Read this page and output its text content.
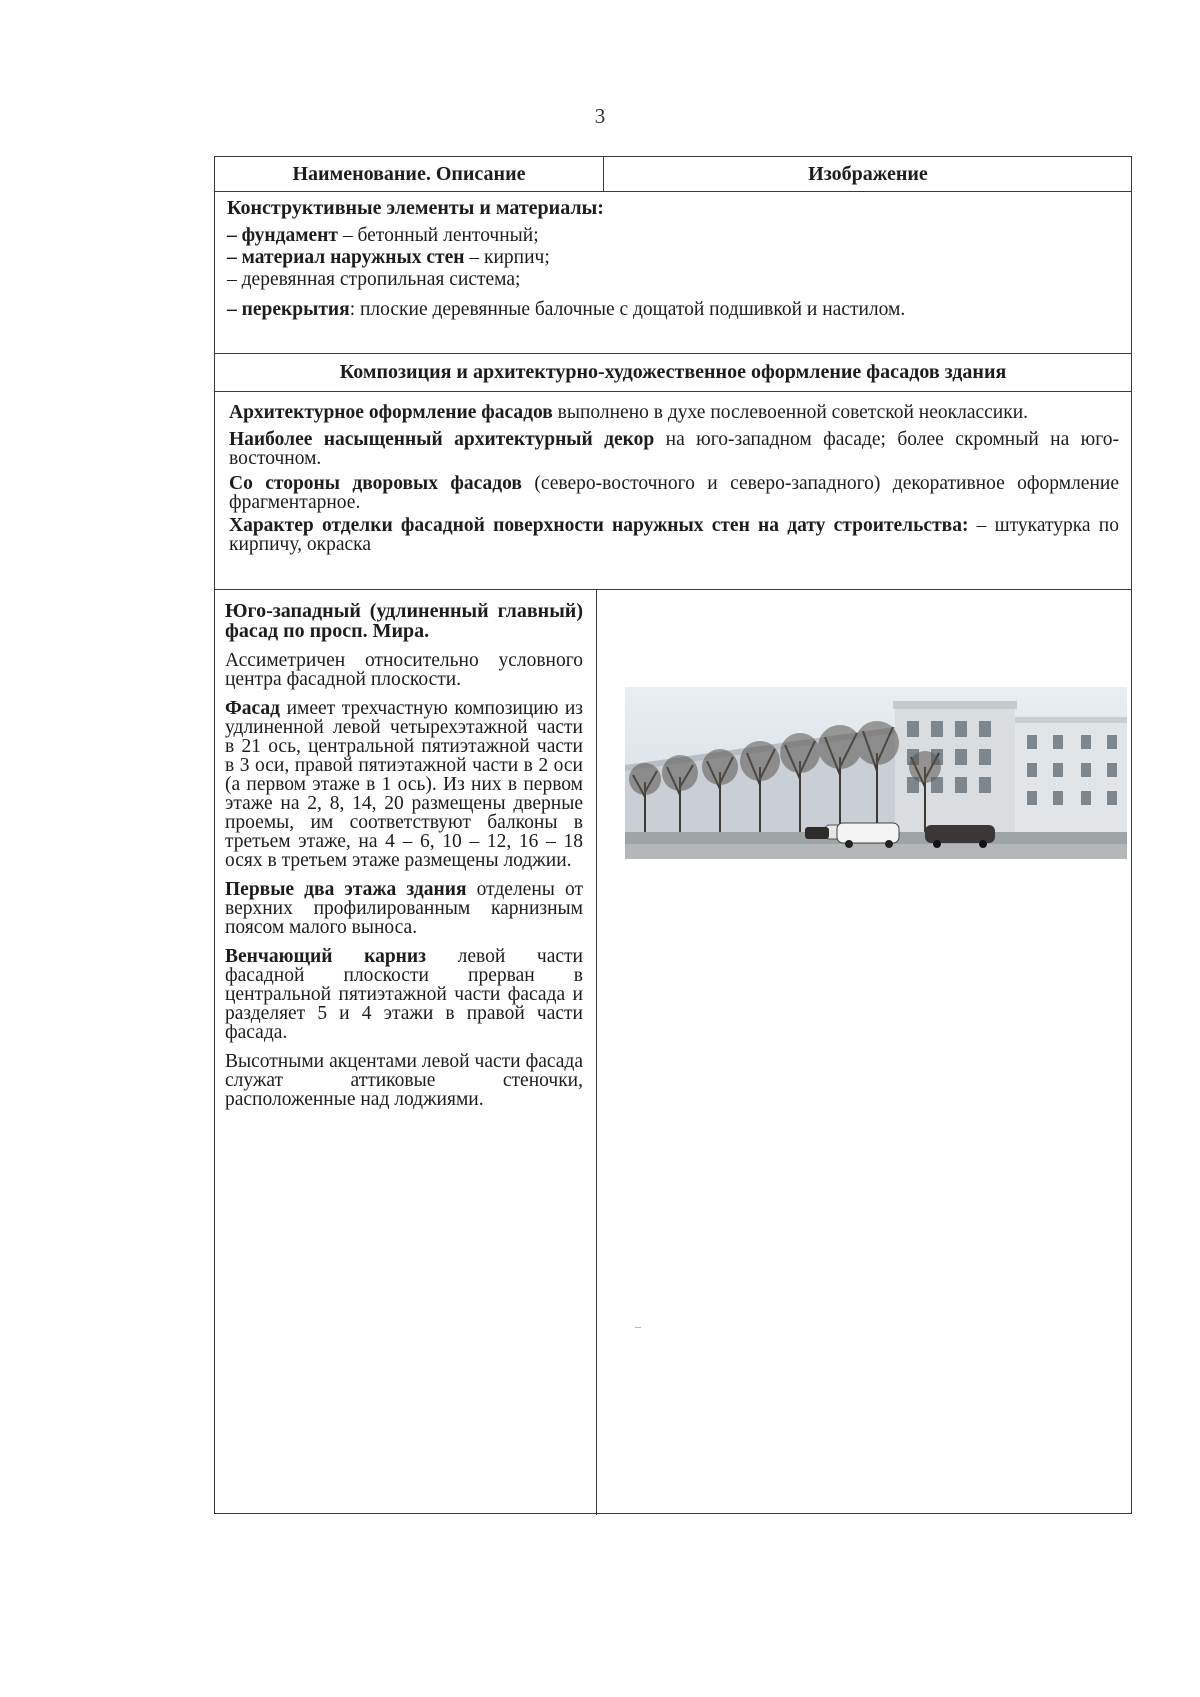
3
Наименование. Описание	Изображение

Конструктивные элементы и материалы:

– фундамент – бетонный ленточный;

– материал наружных стен – кирпич;

– деревянная стропильная система;

– перекрытия: плоские деревянные балочные с дощатой подшивкой и настилом.

Композиция и архитектурно-художественное оформление фасадов здания

Архитектурное оформление фасадов выполнено в духе послевоенной советской неоклассики.

Наиболее насыщенный архитектурный декор на юго-западном фасаде; более скромный на юго-восточном.

Со стороны дворовых фасадов (северо-восточного и северо-западного) декоративное оформление фрагментарное.

Характер отделки фасадной поверхности наружных стен на дату строительства: – штукатурка по кирпичу, окраска

Юго-западный (удлиненный главный) фасад по просп. Мира.

Ассиметричен относительно условного центра фасадной плоскости.

Фасад имеет трехчастную композицию из удлиненной левой четырехэтажной части в 21 ось, центральной пятиэтажной части в 3 оси, правой пятиэтажной части в 2 оси (а первом этаже в 1 ось). Из них в первом этаже на 2, 8, 14, 20 размещены дверные проемы, им соответствуют балконы в третьем этаже, на 4 – 6, 10 – 12, 16 – 18 осях в третьем этаже размещены лоджии.

Первые два этажа здания отделены от верхних профилированным карнизным поясом малого выноса.

Венчающий карниз левой части фасадной плоскости прерван в центральной пятиэтажной части фасада и разделяет 5 и 4 этажи в правой части фасада.

Высотными акцентами левой части фасада служат аттиковые стеночки, расположенные над лоджиями.
